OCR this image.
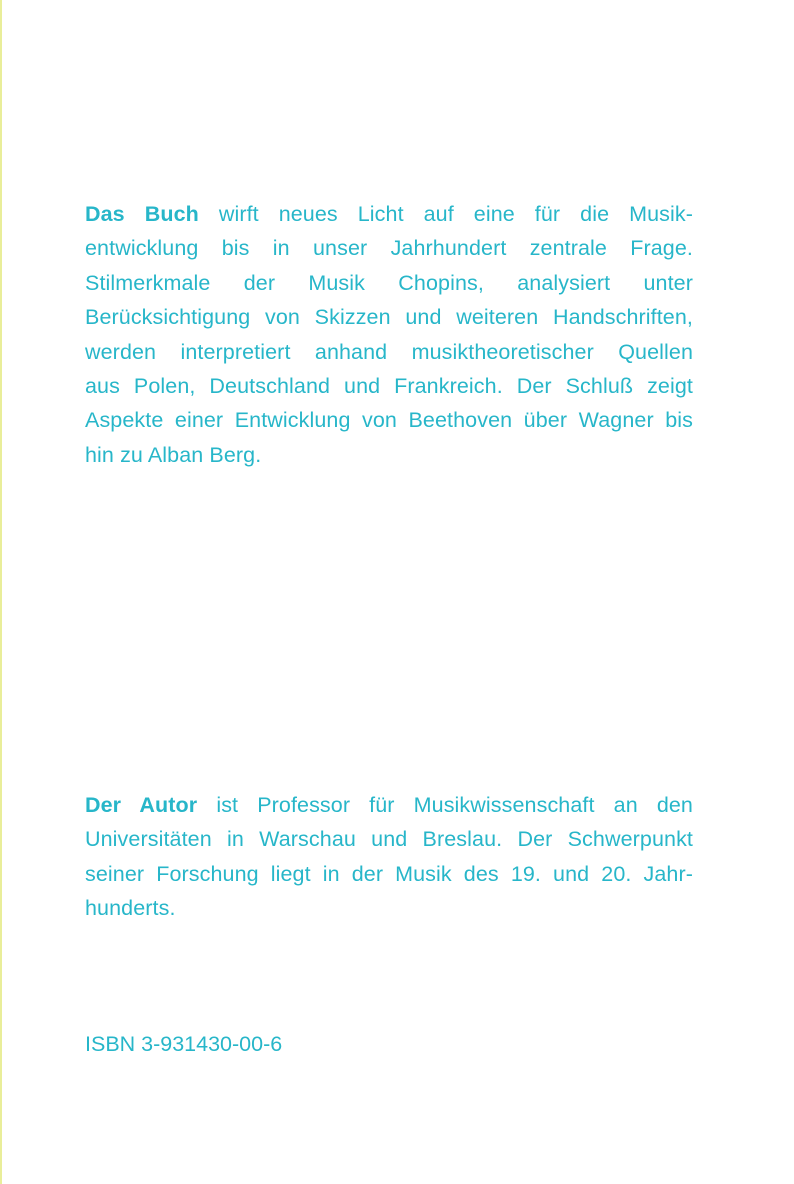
Das Buch wirft neues Licht auf eine für die Musik-
entwicklung bis in unser Jahrhundert zentrale Frage.
Stilmerkmale der Musik Chopins, analysiert unter
Berücksichtigung von Skizzen und weiteren Handschriften,
werden interpretiert anhand musiktheoretischer Quellen
aus Polen, Deutschland und Frankreich. Der Schluß zeigt
Aspekte einer Entwicklung von Beethoven über Wagner bis
hin zu Alban Berg.
Der Autor ist Professor für Musikwissenschaft an den
Universitäten in Warschau und Breslau. Der Schwerpunkt
seiner Forschung liegt in der Musik des 19. und 20. Jahr-
hunderts.
ISBN 3-931430-00-6
